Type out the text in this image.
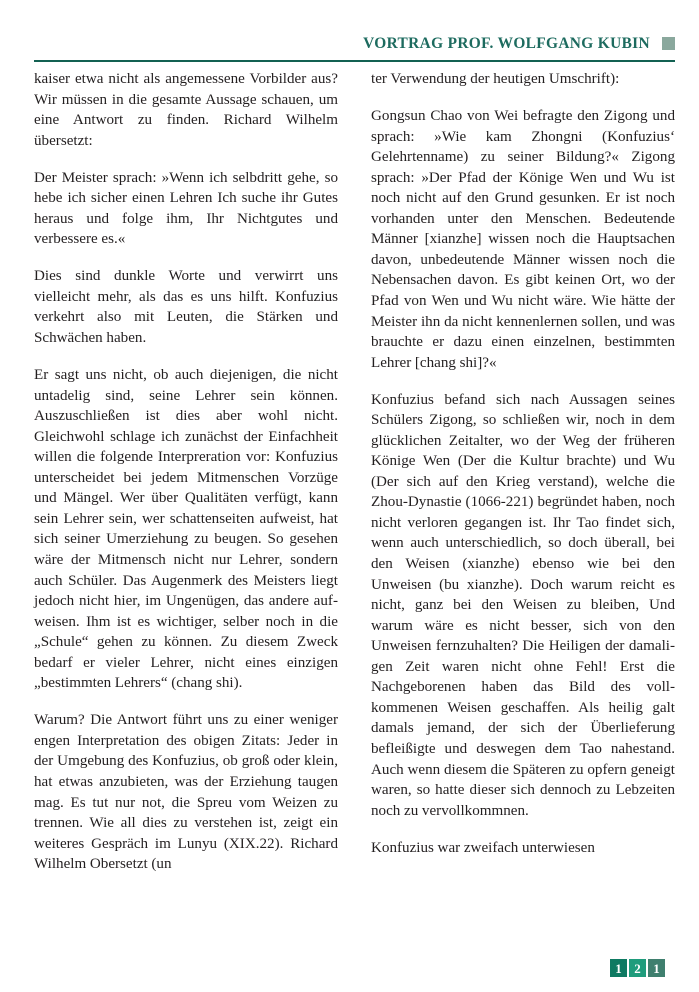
VORTRAG PROF. WOLFGANG KUBIN

kaiser etwa nicht als angemessene Vorbilder aus? Wir müssen in die gesamte Aussage schauen, um eine Antwort zu finden. Richard Wilhelm übersetzt:

Der Meister sprach: »Wenn ich selbdritt gehe, so hebe ich sicher einen Lehren Ich suche ihr Gutes heraus und folge ihm, Ihr Nichtgutes und verbessere es.«

Dies sind dunkle Worte und verwirrt uns vielleicht mehr, als das es uns hilft. Konfuzius verkehrt also mit Leuten, die Stärken und Schwächen haben.

Er sagt uns nicht, ob auch diejenigen, die nicht untadelig sind, seine Lehrer sein können. Auszuschließen ist dies aber wohl nicht. Gleichwohl schlage ich zunächst der Einfachheit willen die folgende Interpreration vor: Konfuzius unterscheidet bei jedem Mitmenschen Vorzüge und Mängel. Wer über Qualitäten verfügt, kann sein Lehrer sein, wer schattenseiten aufweist, hat sich seiner Umerziehung zu beugen. So gesehen wäre der Mitmensch nicht nur Lehrer, sondern auch Schüler. Das Augenmerk des Meisters liegt jedoch nicht hier, im Ungenügen, das andere aufweisen. Ihm ist es wichtiger, selber noch in die „Schule“ gehen zu können. Zu diesem Zweck bedarf er vieler Lehrer, nicht eines einzigen „bestimmten Lehrers“ (chang shi).

Warum? Die Antwort führt uns zu einer weniger engen Interpretation des obigen Zitats: Jeder in der Umgebung des Konfuzius, ob groß oder klein, hat etwas anzubieten, was der Erziehung taugen mag. Es tut nur not, die Spreu vom Weizen zu trennen. Wie all dies zu verstehen ist, zeigt ein weiteres Gespräch im Lunyu (XIX.22). Richard Wilhelm Obersetzt (un

ter Verwendung der heutigen Umschrift):

Gongsun Chao von Wei befragte den Zigong und sprach: »Wie kam Zhongni (Konfuzius‘ Gelehrtenname) zu seiner Bildung?« Zigong sprach: »Der Pfad der Könige Wen und Wu ist noch nicht auf den Grund gesunken. Er ist noch vorhanden unter den Menschen. Bedeutende Männer [xianzhe] wissen noch die Hauptsachen davon, unbedeutende Männer wissen noch die Nebensachen davon. Es gibt keinen Ort, wo der Pfad von Wen und Wu nicht wäre. Wie hätte der Meister ihn da nicht kennenlernen sollen, und was brauchte er dazu einen einzelnen, bestimmten Lehrer [chang shi]?«

Konfuzius befand sich nach Aussagen seines Schülers Zigong, so schließen wir, noch in dem glücklichen Zeitalter, wo der Weg der früheren Könige Wen (Der die Kultur brachte) und Wu (Der sich auf den Krieg verstand), welche die Zhou-Dynastie (1066-221) begründet haben, noch nicht verloren gegangen ist. Ihr Tao findet sich, wenn auch unterschiedlich, so doch überall, bei den Weisen (xianzhe) ebenso wie bei den Unweisen (bu xianzhe). Doch warum reicht es nicht, ganz bei den Weisen zu bleiben, Und warum wäre es nicht besser, sich von den Unweisen fernzuhalten? Die Heiligen der damaligen Zeit waren nicht ohne Fehl! Erst die Nachgeborenen haben das Bild des vollkommenen Weisen geschaffen. Als heilig galt damals jemand, der sich der Überlieferung befleißigte und deswegen dem Tao nahestand. Auch wenn diesem die Späteren zu opfern geneigt waren, so hatte dieser sich dennoch zu Lebzeiten noch zu vervollkommnen.

Konfuzius war zweifach unterwiesen

1 2 1
